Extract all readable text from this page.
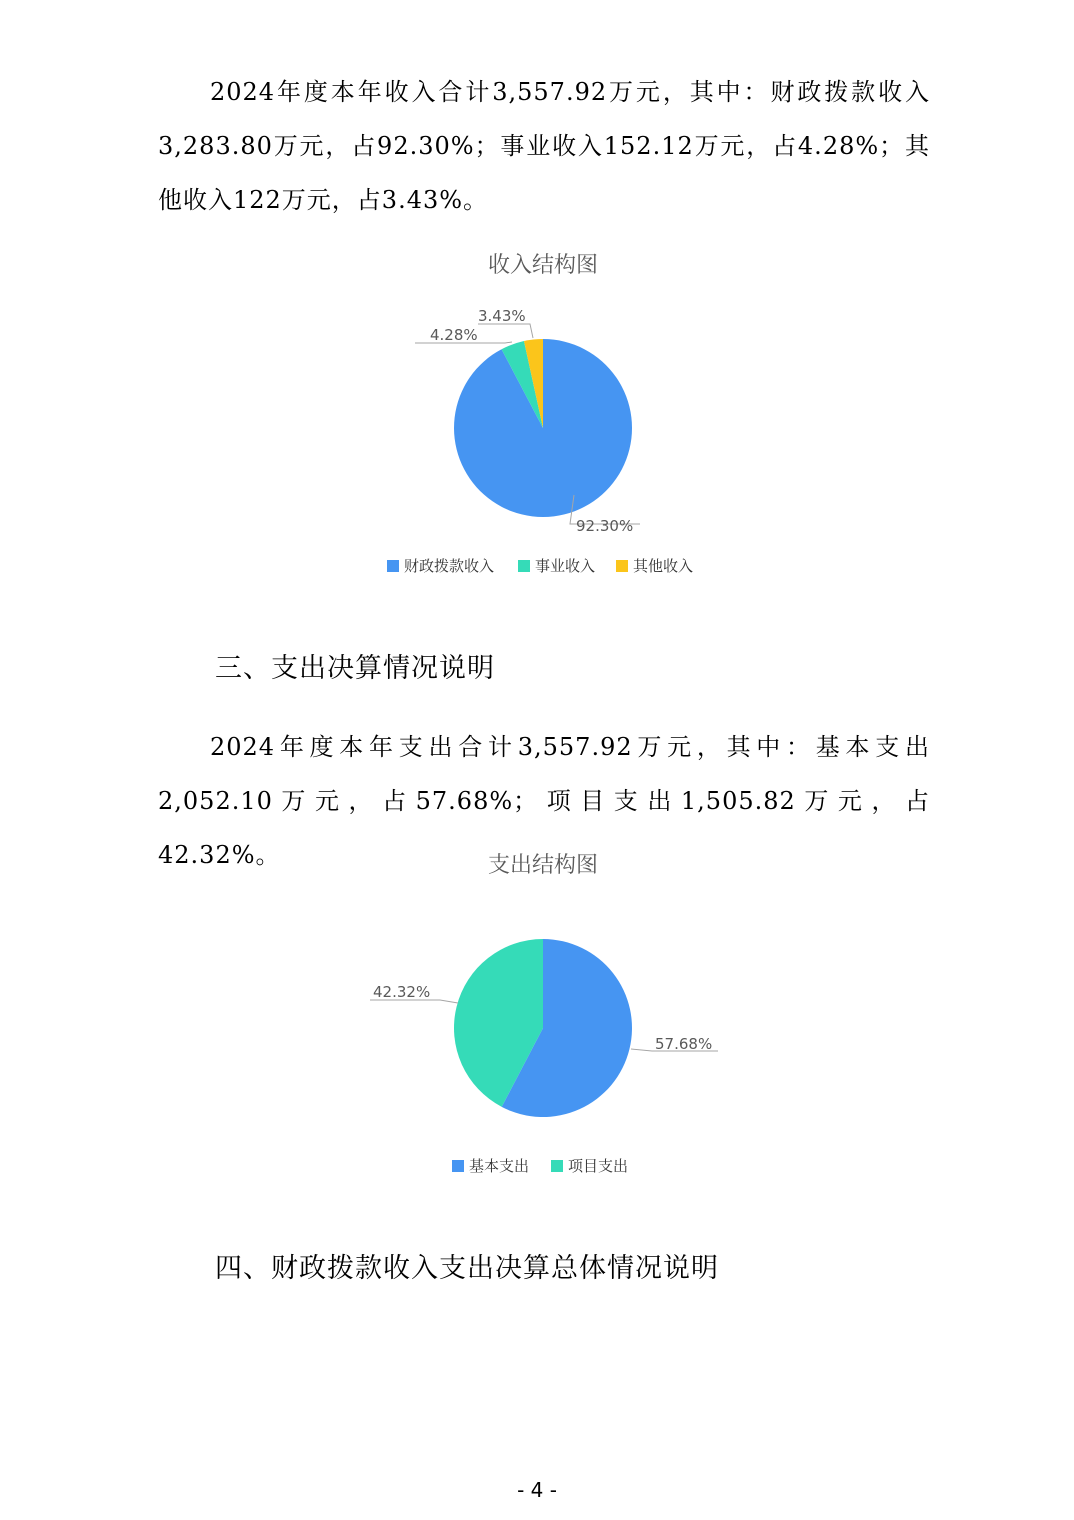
2024年度本年收入合计3,557.92万元，其中：财政拨款收入3,283.80万元，占92.30%；事业收入152.12万元，占4.28%；其他收入122万元，占3.43%。
收入结构图
92.30%
4.28%
3.43%
财政拨款收入	事业收入	其他收入
三、支出决算情况说明
2024年度本年支出合计3,557.92万元，其中：基本支出2,052.10万元，占57.68%；项目支出1,505.82万元，占42.32%。	支出结构图
57.68%
42.32%
基本支出	项目支出
四、财政拨款收入支出决算总体情况说明
- 4 -
